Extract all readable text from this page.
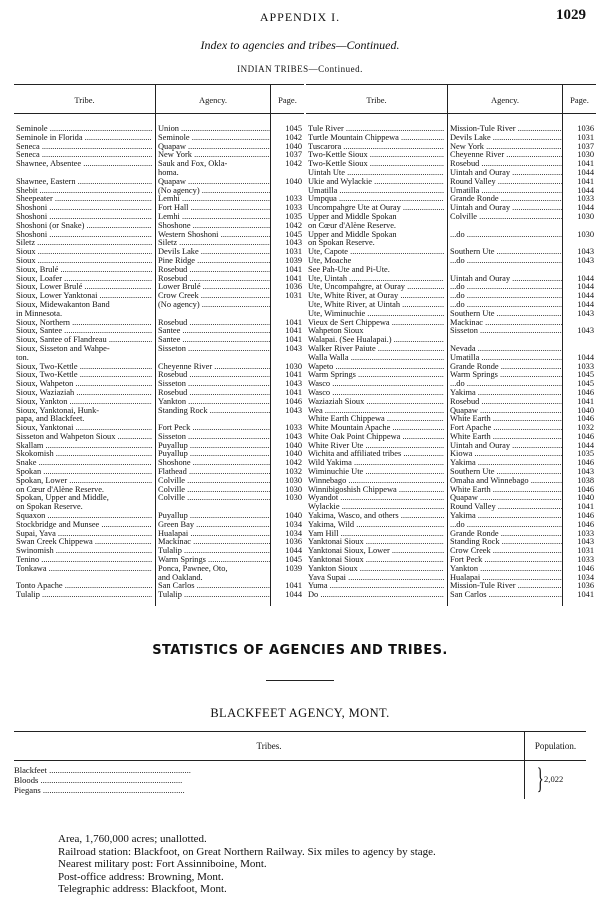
APPENDIX I.	1029
Index to agencies and tribes—Continued.
INDIAN TRIBES—Continued.
Tribe.	Agency.	Page.
Seminole .....	Union .....	1045
Seminole in Florida .....	Seminole .....	1042
Seneca .....	Quapaw .....	1040
Seneca .....	New York .....	1037
Shawnee, Absentee .....	Sauk and Fox, Okla-	1042
homa.
Shawnee, Eastern .....	Quapaw .....	1040
Shebit .....	(No agency) .....
Sheepeater .....	Lemhi .....	1033
Shoshoni .....	Fort Hall .....	1033
Shoshoni .....	Lemhi .....	1035
Shoshoni (or Snake) .....	Shoshone .....	1042
Shoshoni .....	Western Shoshoni .....	1045
Siletz .....	Siletz .....	1043
Sioux .....	Devils Lake .....	1031
Sioux .....	Pine Ridge .....	1039
Sioux, Brulé .....	Rosebud .....	1041
Sioux, Loafer .....	Rosebud .....	1041
Sioux, Lower Brulé .....	Lower Brulé .....	1036
Sioux, Lower Yanktonai .....	Crow Creek .....	1031
Sioux, Midewakanton Band	(No agency) .....
in Minnesota.
Sioux, Northern .....	Rosebud .....	1041
Sioux, Santee .....	Santee .....	1041
Sioux, Santee of Flandreau .....	Santee .....	1041
Sioux, Sisseton and Wahpe-	Sisseton .....	1043
ton.
Sioux, Two-Kettle .....	Cheyenne River .....	1030
Sioux, Two-Kettle .....	Rosebud .....	1041
Sioux, Wahpeton .....	Sisseton .....	1043
Sioux, Waziaziah .....	Rosebud .....	1041
Sioux, Yankton .....	Yankton .....	1046
Sioux, Yanktonai, Hunk-	Standing Rock .....	1043
papa, and Blackfeet.
Sioux, Yanktonai .....	Fort Peck .....	1033
Sisseton and Wahpeton Sioux .....	Sisseton .....	1043
Skallam .....	Puyallup .....	1040
Skokomish .....	Puyallup .....	1040
Snake .....	Shoshone .....	1042
Spokan .....	Flathead .....	1032
Spokan, Lower .....	Colville .....	1030
on Cœur d'Alène Reserve.	Colville .....	1030
Spokan, Upper and Middle,	Colville .....	1030
on Spokan Reserve.
Squaxon .....	Puyallup .....	1040
Stockbridge and Munsee .....	Green Bay .....	1034
Supai, Yava .....	Hualapai .....	1034
Swan Creek Chippewa .....	Mackinac .....	1036
Swinomish .....	Tulalip .....	1044
Tenino .....	Warm Springs .....	1045
Tonkawa .....	Ponca, Pawnee, Oto,	1039
and Oakland.
Tonto Apache .....	San Carlos .....	1041
Tulalip .....	Tulalip .....	1044
Tribe.	Agency.	Page.
Tule River .....	Mission-Tule River .....	1036
Turtle Mountain Chippewa .....	Devils Lake .....	1031
Tuscarora .....	New York .....	1037
Two-Kettle Sioux .....	Cheyenne River .....	1030
Two-Kettle Sioux .....	Rosebud .....	1041
Uintah Ute .....	Uintah and Ouray .....	1044
Ukie and Wylackie .....	Round Valley .....	1041
Umatilla .....	Umatilla .....	1044
Umpqua .....	Grande Ronde .....	1033
Uncompahgre Ute at Ouray .....	Uintah and Ouray .....	1044
Upper and Middle Spokan	Colville .....	1030
on Cœur d'Alène Reserve.
Upper and Middle Spokan	...do .....	1030
on Spokan Reserve.
Ute, Capote .....	Southern Ute .....	1043
Ute, Moache	...do .....	1043
See Pah-Ute and Pi-Ute.
Ute, Uintah .....	Uintah and Ouray .....	1044
Ute, Uncompahgre, at Ouray .....	...do .....	1044
Ute, White River, at Ouray .....	...do .....	1044
Ute, White River, at Uintah .....	...do .....	1044
Ute, Wiminuchie .....	Southern Ute .....	1043
Vieux de Sert Chippewa .....	Mackinac .....
Wahpeton Sioux	Sisseton .....	1043
Walapai. (See Hualapai.) .....
Walker River Paiute .....	Nevada .....
Walla Walla .....	Umatilla .....	1044
Wapeto .....	Grande Ronde .....	1033
Warm Springs .....	Warm Springs .....	1045
Wasco .....	...do .....	1045
Wasco .....	Yakima .....	1046
Waziaziah Sioux .....	Rosebud .....	1041
Wea .....	Quapaw .....	1040
White Earth Chippewa .....	White Earth .....	1046
White Mountain Apache .....	Fort Apache .....	1032
White Oak Point Chippewa .....	White Earth .....	1046
White River Ute .....	Uintah and Ouray .....	1044
Wichita and affiliated tribes .....	Kiowa .....	1035
Wild Yakima .....	Yakima .....	1046
Wiminuchie Ute .....	Southern Ute .....	1043
Winnebago .....	Omaha and Winnebago .....	1038
Winnibigoshish Chippewa .....	White Earth .....	1046
Wyandot .....	Quapaw .....	1040
Wylackie .....	Round Valley .....	1041
Yakima, Wasco, and others .....	Yakima .....	1046
Yakima, Wild .....	...do .....	1046
Yam Hill .....	Grande Ronde .....	1033
Yanktonai Sioux .....	Standing Rock .....	1043
Yanktonai Sioux, Lower .....	Crow Creek .....	1031
Yanktonai Sioux .....	Fort Peck .....	1033
Yankton Sioux .....	Yankton .....	1046
Yava Supai .....	Hualapai .....	1034
Yuma .....	Mission-Tule River .....	1036
Do .....	San Carlos .....	1041
STATISTICS OF AGENCIES AND TRIBES.
BLACKFEET AGENCY, MONT.
Tribes.	Population.
Blackfeet .....
Bloods .....
Piegans .....	} 2,022
Area, 1,760,000 acres; unallotted.
Railroad station: Blackfoot, on Great Northern Railway. Six miles to agency by stage.
Nearest military post: Fort Assinniboine, Mont.
Post-office address: Browning, Mont.
Telegraphic address: Blackfoot, Mont.
